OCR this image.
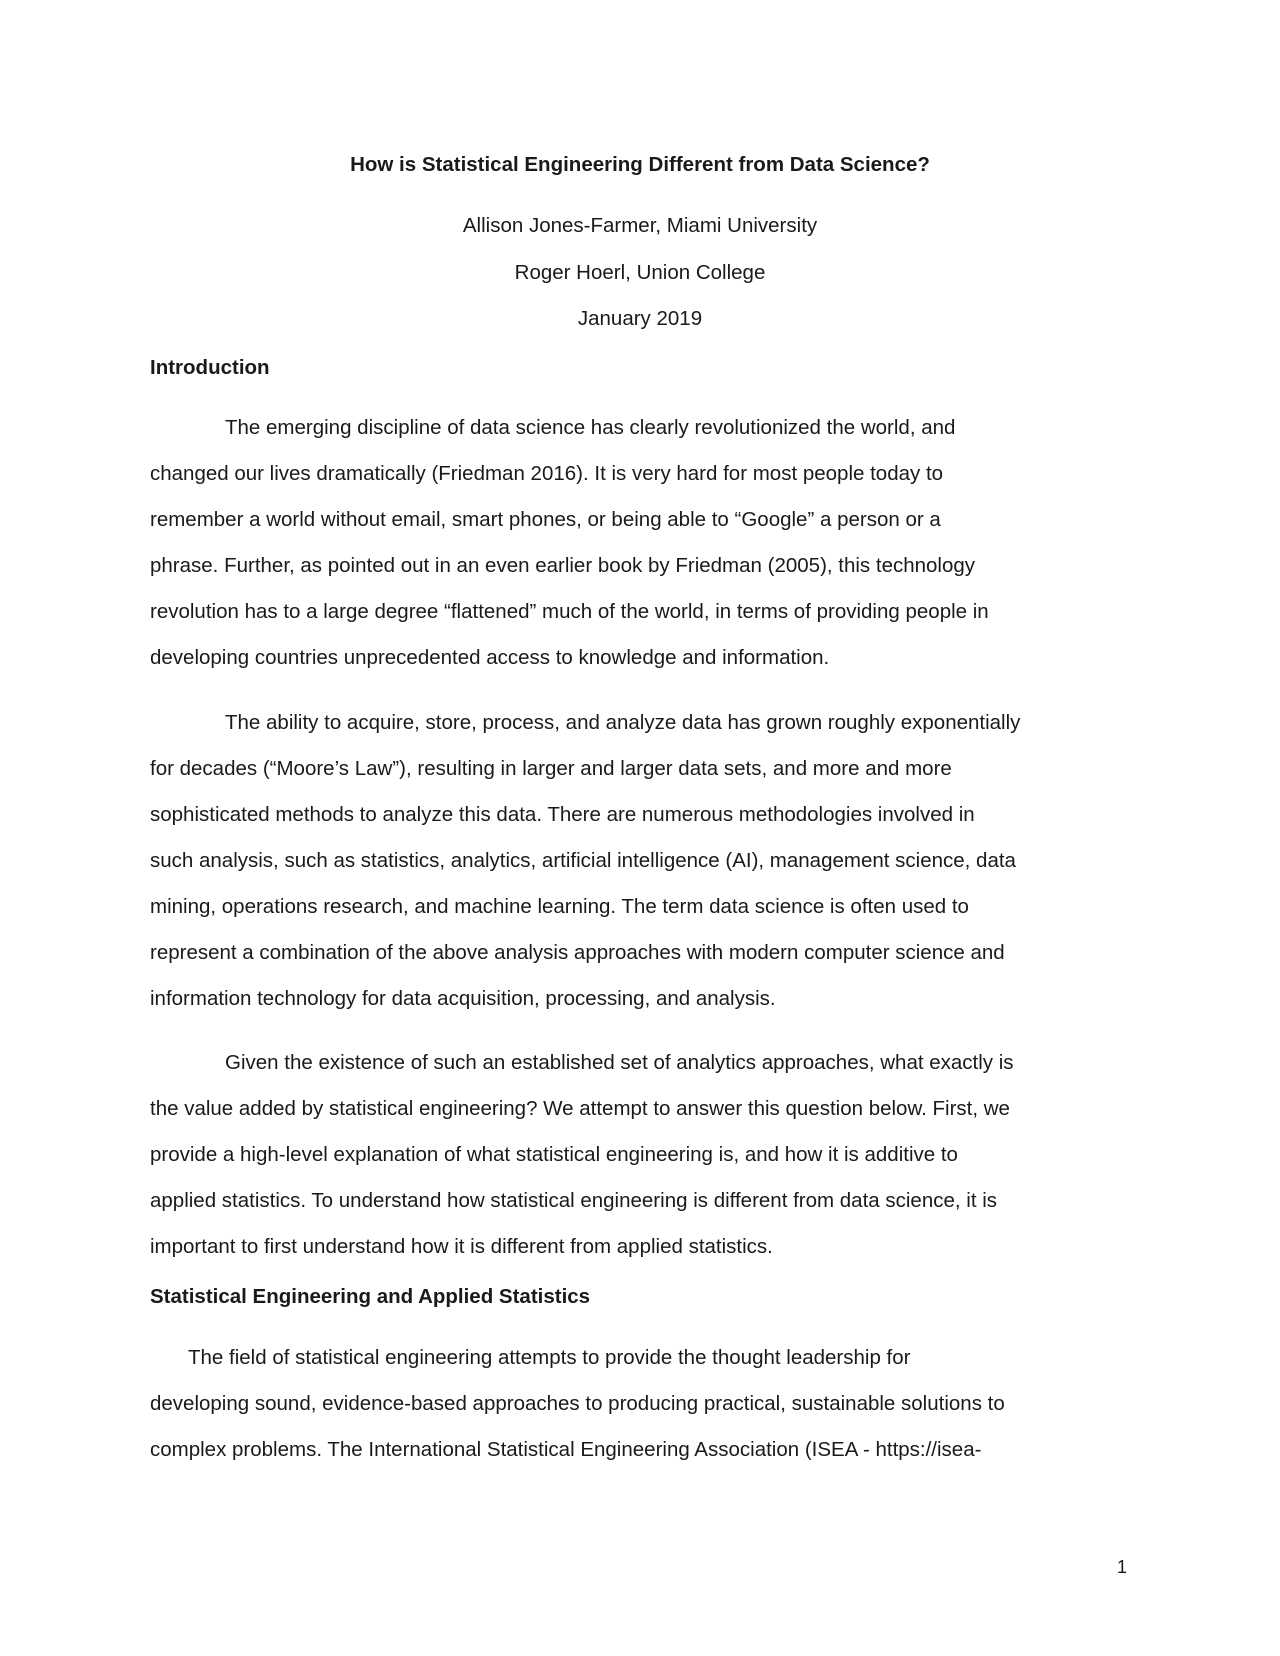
How is Statistical Engineering Different from Data Science?

Allison Jones-Farmer, Miami University

Roger Hoerl, Union College

January 2019

Introduction
The emerging discipline of data science has clearly revolutionized the world, and
changed our lives dramatically (Friedman 2016). It is very hard for most people today to
remember a world without email, smart phones, or being able to “Google” a person or a
phrase. Further, as pointed out in an even earlier book by Friedman (2005), this technology
revolution has to a large degree “flattened” much of the world, in terms of providing people in
developing countries unprecedented access to knowledge and information.
The ability to acquire, store, process, and analyze data has grown roughly exponentially
for decades (“Moore’s Law”), resulting in larger and larger data sets, and more and more
sophisticated methods to analyze this data. There are numerous methodologies involved in
such analysis, such as statistics, analytics, artificial intelligence (AI), management science, data
mining, operations research, and machine learning. The term data science is often used to
represent a combination of the above analysis approaches with modern computer science and
information technology for data acquisition, processing, and analysis.
Given the existence of such an established set of analytics approaches, what exactly is
the value added by statistical engineering? We attempt to answer this question below. First, we
provide a high-level explanation of what statistical engineering is, and how it is additive to
applied statistics. To understand how statistical engineering is different from data science, it is
important to first understand how it is different from applied statistics.
Statistical Engineering and Applied Statistics
The field of statistical engineering attempts to provide the thought leadership for
developing sound, evidence-based approaches to producing practical, sustainable solutions to
complex problems. The International Statistical Engineering Association (ISEA - https://isea-

1
